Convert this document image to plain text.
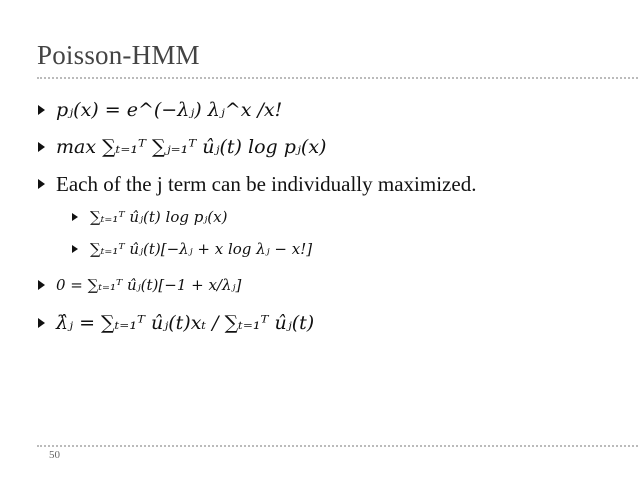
Poisson-HMM
𝑝ⱼ(𝑥) = 𝑒^(−𝜆ⱼ) 𝜆ⱼ^𝑥 /𝑥!
max ∑ₜ₌₁ᵀ ∑ⱼ₌₁ᵀ 𝑢̂ⱼ(𝑡) log 𝑝ⱼ(𝑥)
Each of the j term can be individually maximized.
∑ₜ₌₁ᵀ 𝑢̂ⱼ(𝑡) log 𝑝ⱼ(𝑥)
∑ₜ₌₁ᵀ 𝑢̂ⱼ(𝑡)[−𝜆ⱼ + 𝑥 log 𝜆ⱼ − 𝑥!]
0 = ∑ₜ₌₁ᵀ 𝑢̂ⱼ(𝑡)[−1 + 𝑥/𝜆ⱼ]
𝜆̂ⱼ = ∑ₜ₌₁ᵀ 𝑢̂ⱼ(𝑡)𝑥ₜ / ∑ₜ₌₁ᵀ 𝑢̂ⱼ(𝑡)
50
